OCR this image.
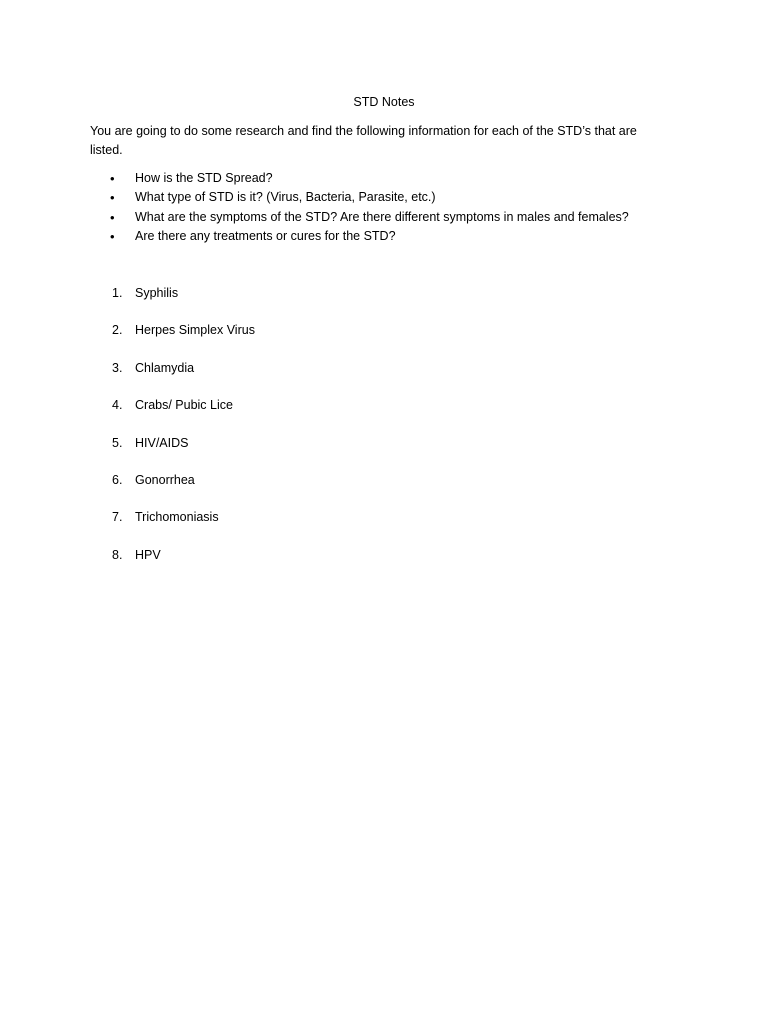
STD Notes

You are going to do some research and find the following information for each of the STD’s that are listed.

•	How is the STD Spread?
•	What type of STD is it? (Virus, Bacteria, Parasite, etc.)
•	What are the symptoms of the STD? Are there different symptoms in males and females?
•	Are there any treatments or cures for the STD?
1.	Syphilis
2.	Herpes Simplex Virus
3.	Chlamydia
4.	Crabs/ Pubic Lice
5.	HIV/AIDS
6.	Gonorrhea
7.	Trichomoniasis
8.	HPV
